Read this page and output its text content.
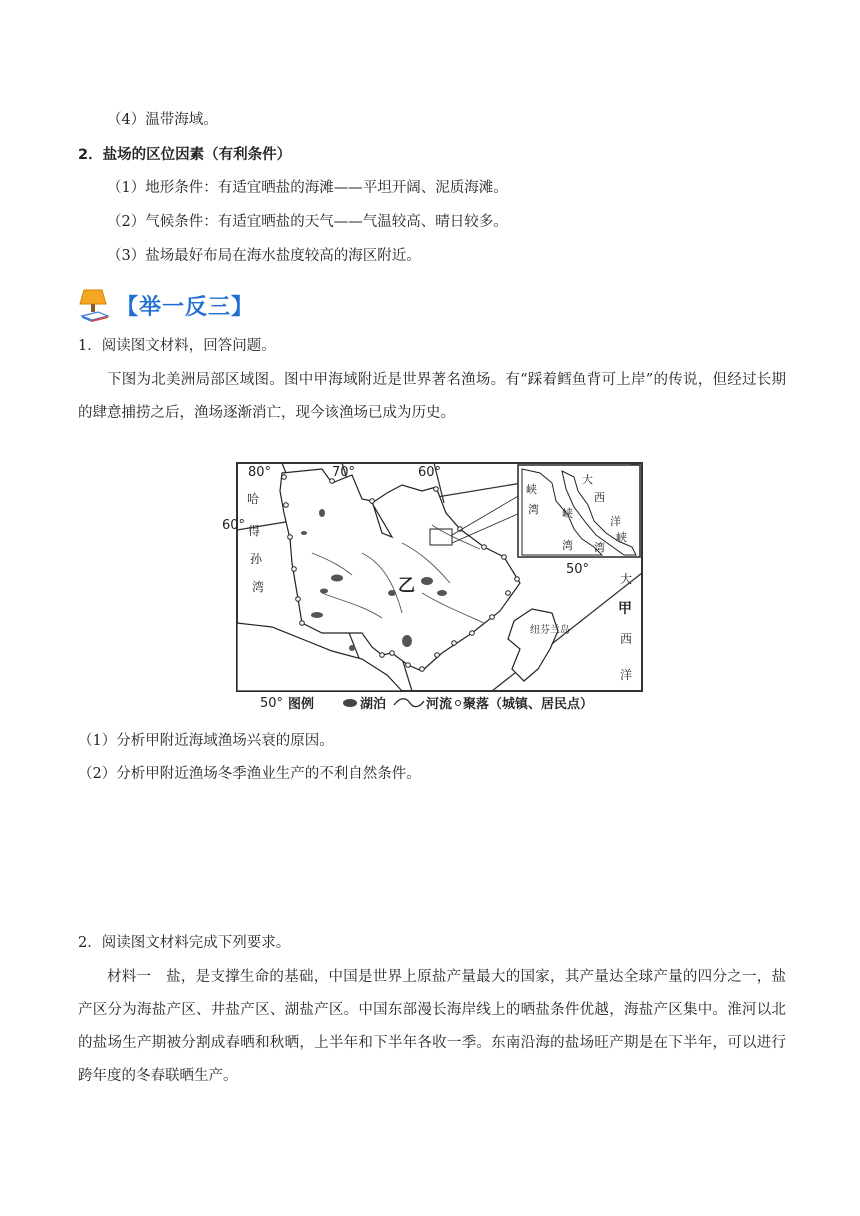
（4）温带海域。
2．盐场的区位因素（有利条件）
（1）地形条件：有适宜晒盐的海滩——平坦开阔、泥质海滩。
（2）气候条件：有适宜晒盐的天气——气温较高、晴日较多。
（3）盐场最好布局在海水盐度较高的海区附近。
【举一反三】
1．阅读图文材料，回答问题。
下图为北美洲局部区域图。图中甲海域附近是世界著名渔场。有“踩着鳕鱼背可上岸”的传说，但经过长期的肆意捕捞之后，渔场逐渐消亡，现今该渔场已成为历史。
80°	70°	60°
60°
50°
50°
哈
得
孙
湾	乙
纽芬兰岛
大
甲
西
洋
峡
湾 峡
湾
大
西
洋
峡
湾
图例	湖泊	河流 聚落（城镇、居民点）
（1）分析甲附近海域渔场兴衰的原因。
（2）分析甲附近渔场冬季渔业生产的不利自然条件。
2．阅读图文材料完成下列要求。
材料一　盐，是支撑生命的基础，中国是世界上原盐产量最大的国家，其产量达全球产量的四分之一，盐产区分为海盐产区、井盐产区、湖盐产区。中国东部漫长海岸线上的晒盐条件优越，海盐产区集中。淮河以北的盐场生产期被分割成春晒和秋晒，上半年和下半年各收一季。东南沿海的盐场旺产期是在下半年，可以进行跨年度的冬春联晒生产。
